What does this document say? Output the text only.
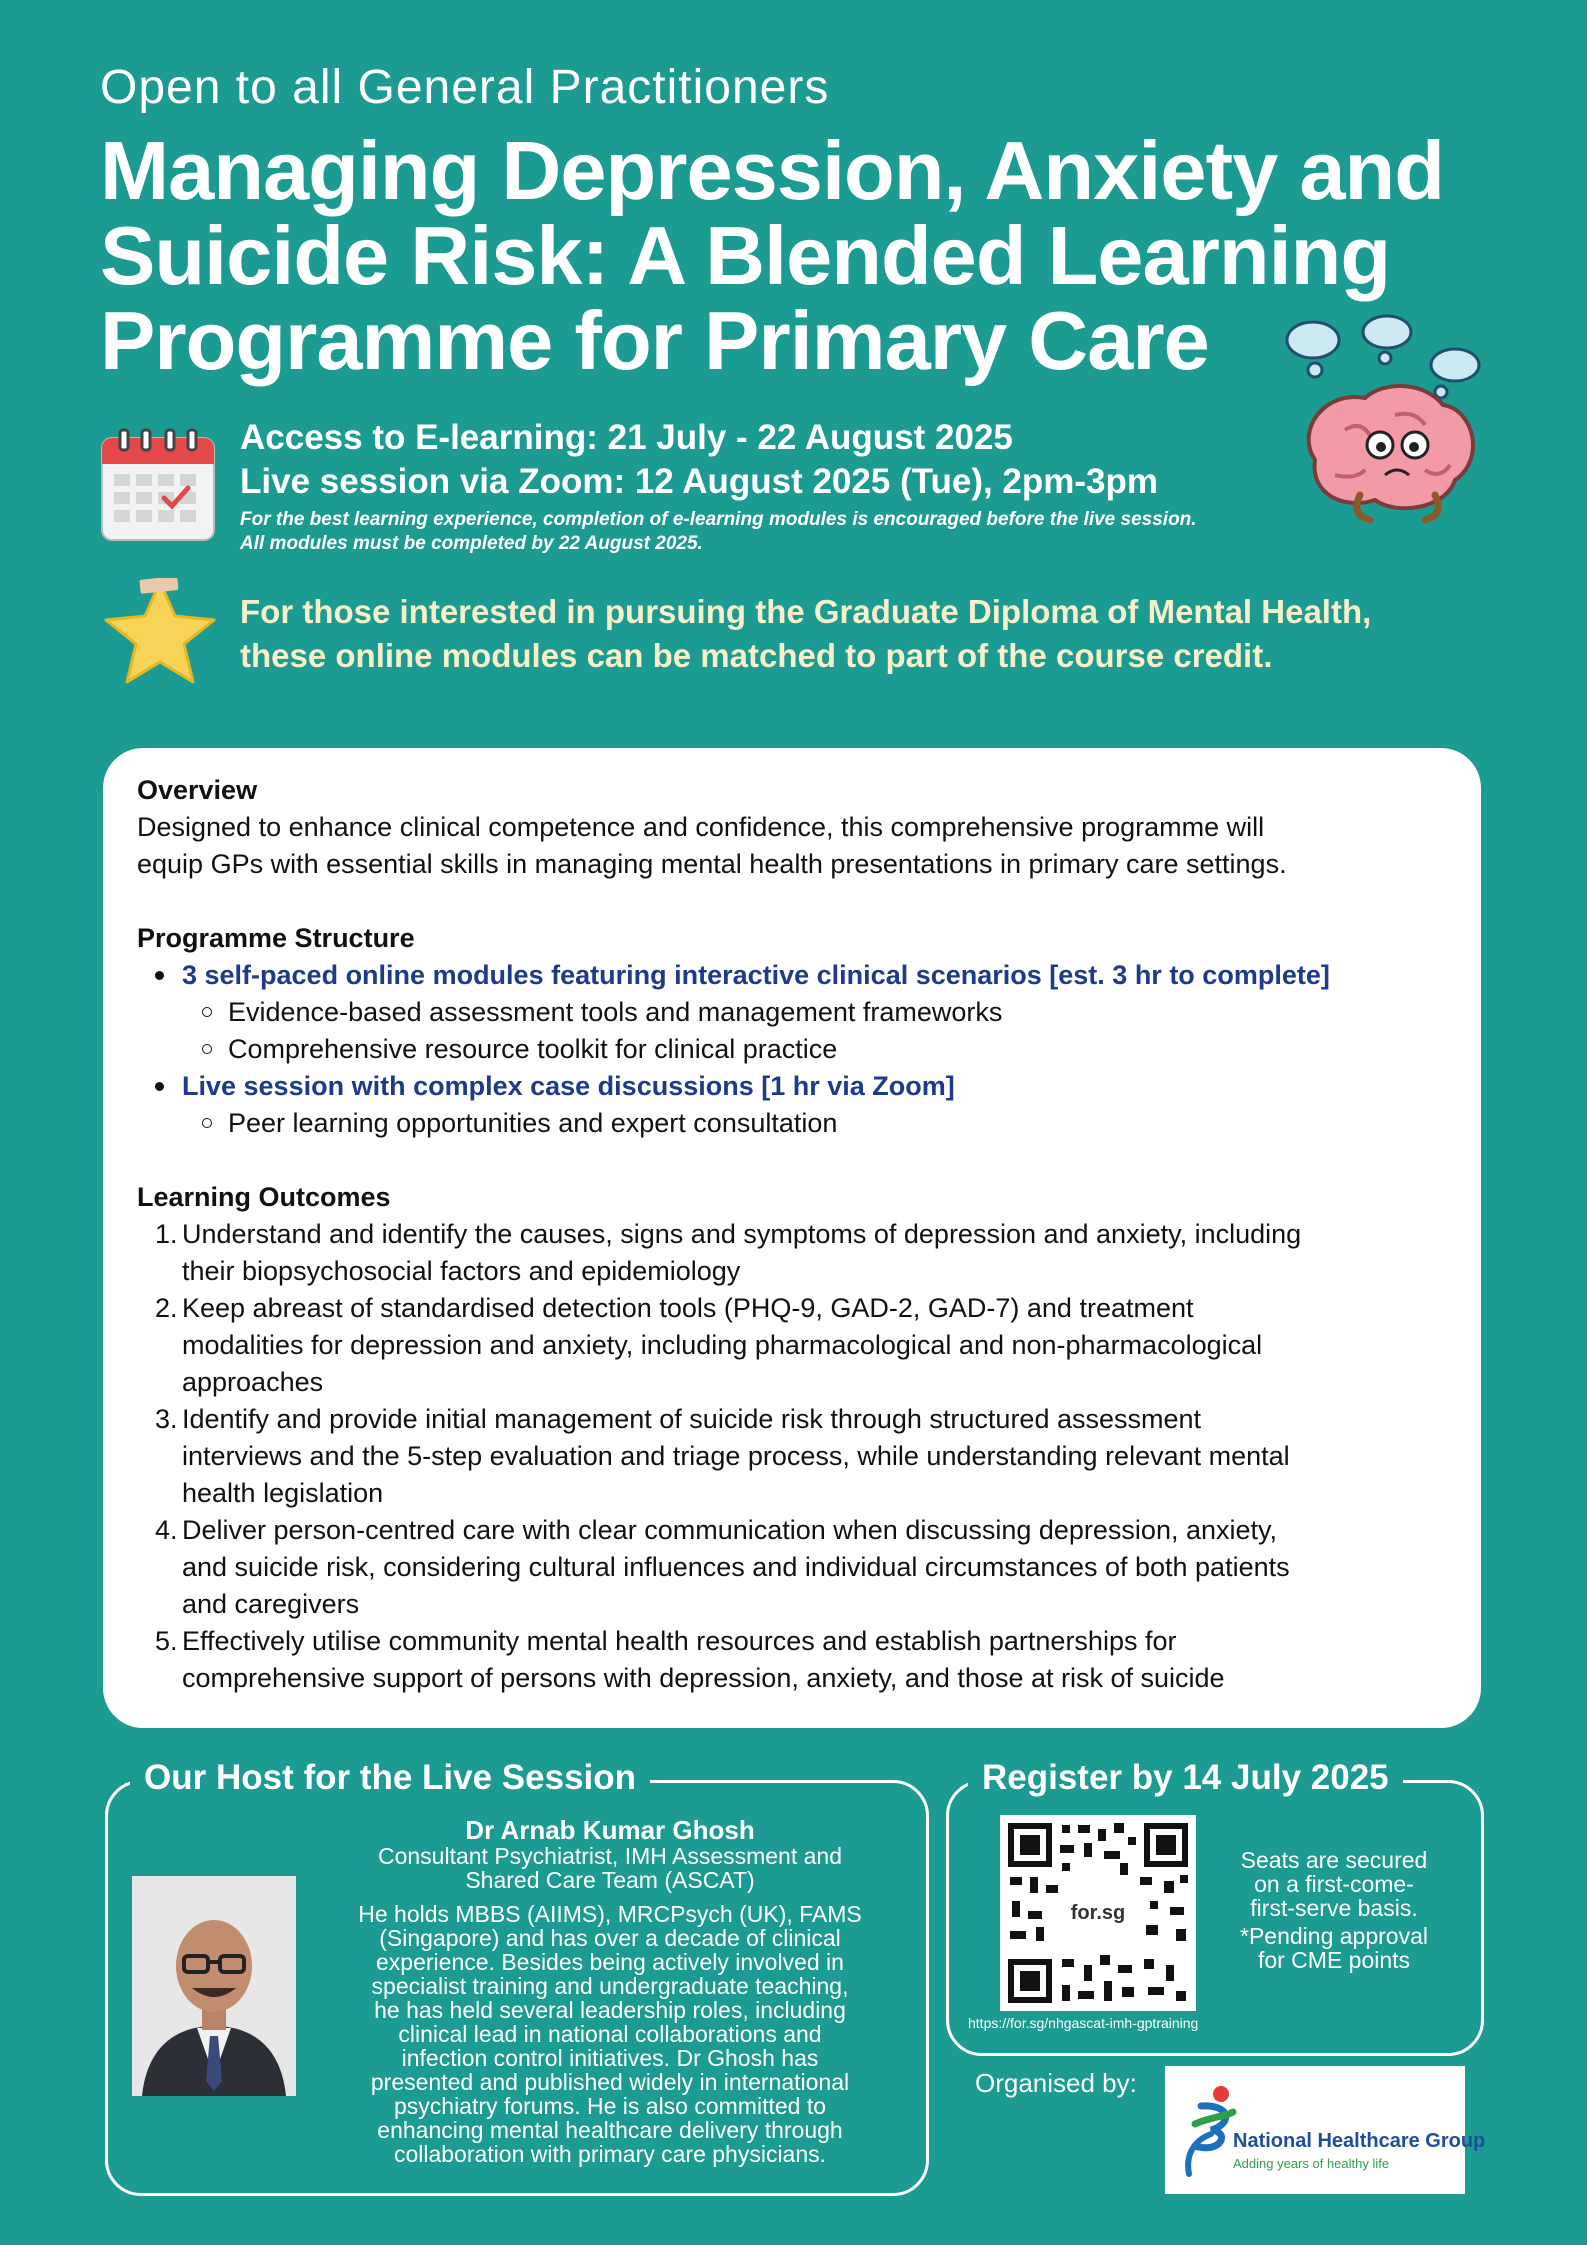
Open to all General Practitioners
Managing Depression, Anxiety and
Suicide Risk: A Blended Learning
Programme for Primary Care
Access to E-learning: 21 July - 22 August 2025
Live session via Zoom: 12 August 2025 (Tue), 2pm-3pm
For the best learning experience, completion of e-learning modules is encouraged before the live session.
All modules must be completed by 22 August 2025.
For those interested in pursuing the Graduate Diploma of Mental Health,
these online modules can be matched to part of the course credit.
Overview
Designed to enhance clinical competence and confidence, this comprehensive programme will
equip GPs with essential skills in managing mental health presentations in primary care settings.
Programme Structure
3 self-paced online modules featuring interactive clinical scenarios [est. 3 hr to complete]
Evidence-based assessment tools and management frameworks
Comprehensive resource toolkit for clinical practice
Live session with complex case discussions [1 hr via Zoom]
Peer learning opportunities and expert consultation
Learning Outcomes
1. Understand and identify the causes, signs and symptoms of depression and anxiety, including
their biopsychosocial factors and epidemiology
2. Keep abreast of standardised detection tools (PHQ-9, GAD-2, GAD-7) and treatment
modalities for depression and anxiety, including pharmacological and non-pharmacological
approaches
3. Identify and provide initial management of suicide risk through structured assessment
interviews and the 5-step evaluation and triage process, while understanding relevant mental
health legislation
4. Deliver person-centred care with clear communication when discussing depression, anxiety,
and suicide risk, considering cultural influences and individual circumstances of both patients
and caregivers
5. Effectively utilise community mental health resources and establish partnerships for
comprehensive support of persons with depression, anxiety, and those at risk of suicide
Our Host for the Live Session
Dr Arnab Kumar Ghosh
Consultant Psychiatrist, IMH Assessment and
Shared Care Team (ASCAT)
He holds MBBS (AIIMS), MRCPsych (UK), FAMS
(Singapore) and has over a decade of clinical
experience. Besides being actively involved in
specialist training and undergraduate teaching,
he has held several leadership roles, including
clinical lead in national collaborations and
infection control initiatives. Dr Ghosh has
presented and published widely in international
psychiatry forums. He is also committed to
enhancing mental healthcare delivery through
collaboration with primary care physicians.
Register by 14 July 2025
for.sg
https://for.sg/nhgascat-imh-gptraining
Seats are secured
on a first-come-
first-serve basis.
*Pending approval
for CME points
Organised by:
National Healthcare Group
Adding years of healthy life
